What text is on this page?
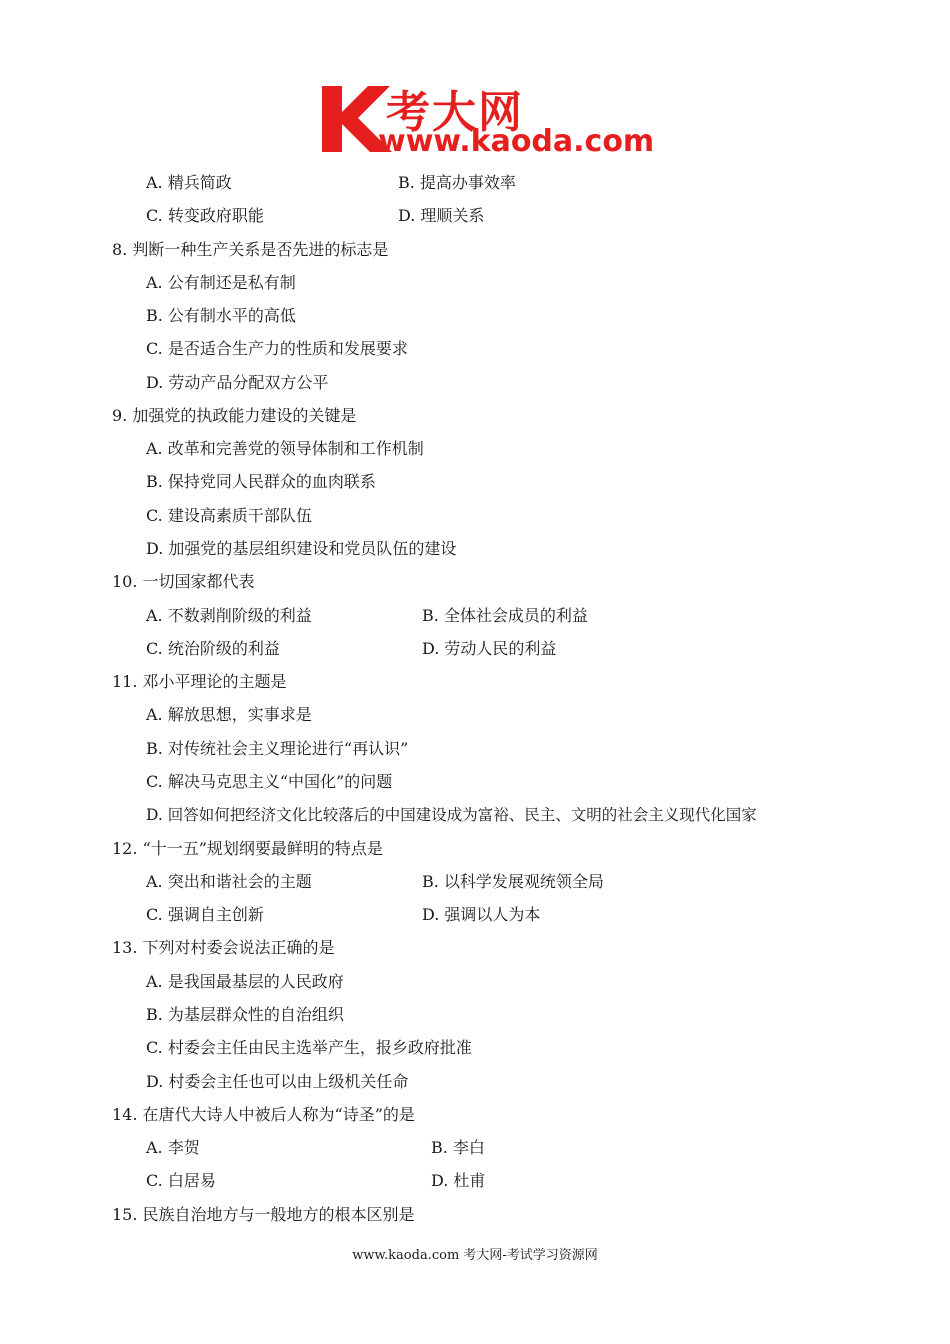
考大网
www.kaoda.com
A. 精兵简政	B. 提高办事效率
C. 转变政府职能	D. 理顺关系
8. 判断一种生产关系是否先进的标志是
A. 公有制还是私有制
B. 公有制水平的高低
C. 是否适合生产力的性质和发展要求
D. 劳动产品分配双方公平
9. 加强党的执政能力建设的关键是
A. 改革和完善党的领导体制和工作机制
B. 保持党同人民群众的血肉联系
C. 建设高素质干部队伍
D. 加强党的基层组织建设和党员队伍的建设
10. 一切国家都代表
A. 不数剥削阶级的利益	B. 全体社会成员的利益
C. 统治阶级的利益	D. 劳动人民的利益
11. 邓小平理论的主题是
A. 解放思想，实事求是
B. 对传统社会主义理论进行“再认识”
C. 解决马克思主义“中国化”的问题
D. 回答如何把经济文化比较落后的中国建设成为富裕、民主、文明的社会主义现代化国家
12. “十一五”规划纲要最鲜明的特点是
A. 突出和谐社会的主题	B. 以科学发展观统领全局
C. 强调自主创新	D. 强调以人为本
13. 下列对村委会说法正确的是
A. 是我国最基层的人民政府
B. 为基层群众性的自治组织
C. 村委会主任由民主选举产生，报乡政府批准
D. 村委会主任也可以由上级机关任命
14. 在唐代大诗人中被后人称为“诗圣”的是
A. 李贺	B. 李白
C. 白居易	D. 杜甫
15. 民族自治地方与一般地方的根本区别是
www.kaoda.com 考大网-考试学习资源网
